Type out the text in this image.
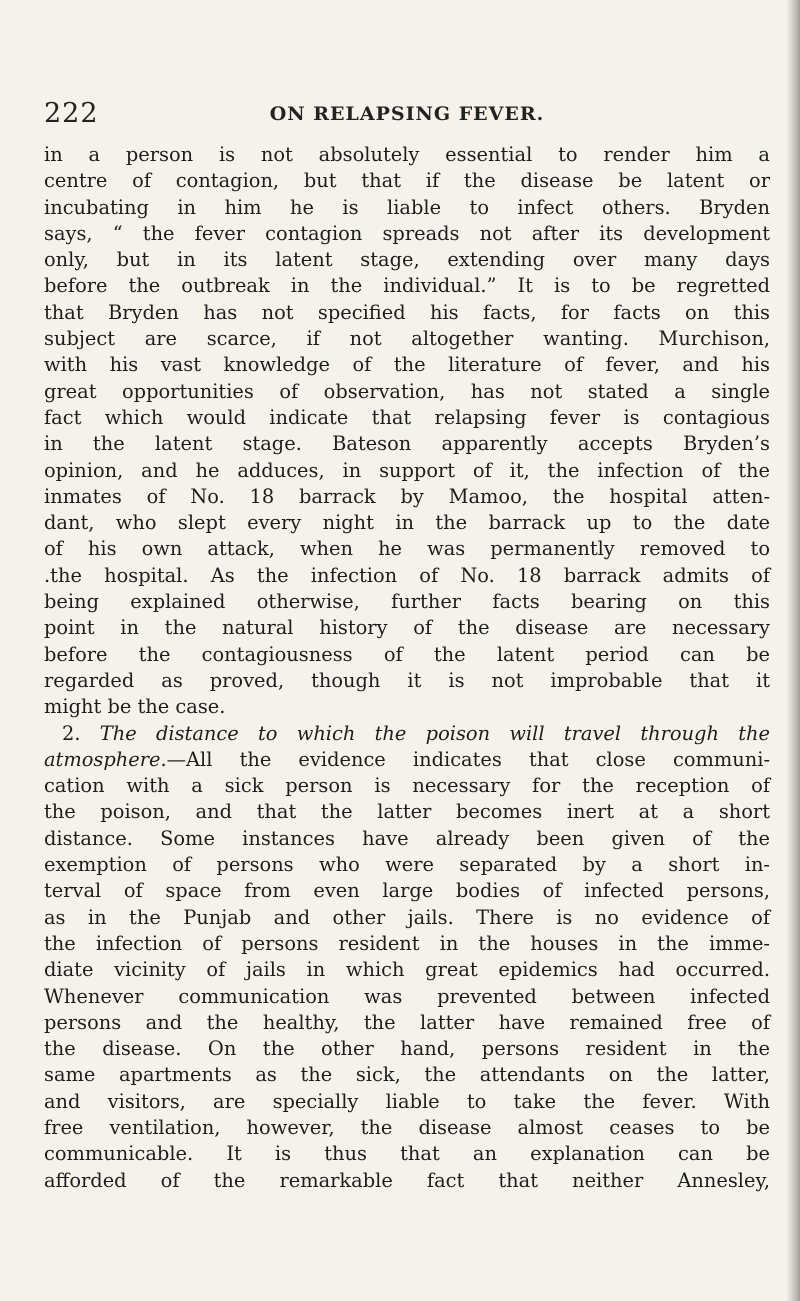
222	ON RELAPSING FEVER.
in a person is not absolutely essential to render him a
centre of contagion, but that if the disease be latent or
incubating in him he is liable to infect others. Bryden
says, “ the fever contagion spreads not after its development
only, but in its latent stage, extending over many days
before the outbreak in the individual.” It is to be regretted
that Bryden has not specified his facts, for facts on this
subject are scarce, if not altogether wanting. Murchison,
with his vast knowledge of the literature of fever, and his
great opportunities of observation, has not stated a single
fact which would indicate that relapsing fever is contagious
in the latent stage. Bateson apparently accepts Bryden’s
opinion, and he adduces, in support of it, the infection of the
inmates of No. 18 barrack by Mamoo, the hospital atten-
dant, who slept every night in the barrack up to the date
of his own attack, when he was permanently removed to
.the hospital. As the infection of No. 18 barrack admits of
being explained otherwise, further facts bearing on this
point in the natural history of the disease are necessary
before the contagiousness of the latent period can be
regarded as proved, though it is not improbable that it
might be the case.
2. The distance to which the poison will travel through the
atmosphere.—All the evidence indicates that close communi-
cation with a sick person is necessary for the reception of
the poison, and that the latter becomes inert at a short
distance. Some instances have already been given of the
exemption of persons who were separated by a short in-
terval of space from even large bodies of infected persons,
as in the Punjab and other jails. There is no evidence of
the infection of persons resident in the houses in the imme-
diate vicinity of jails in which great epidemics had occurred.
Whenever communication was prevented between infected
persons and the healthy, the latter have remained free of
the disease. On the other hand, persons resident in the
same apartments as the sick, the attendants on the latter,
and visitors, are specially liable to take the fever. With
free ventilation, however, the disease almost ceases to be
communicable. It is thus that an explanation can be
afforded of the remarkable fact that neither Annesley,
